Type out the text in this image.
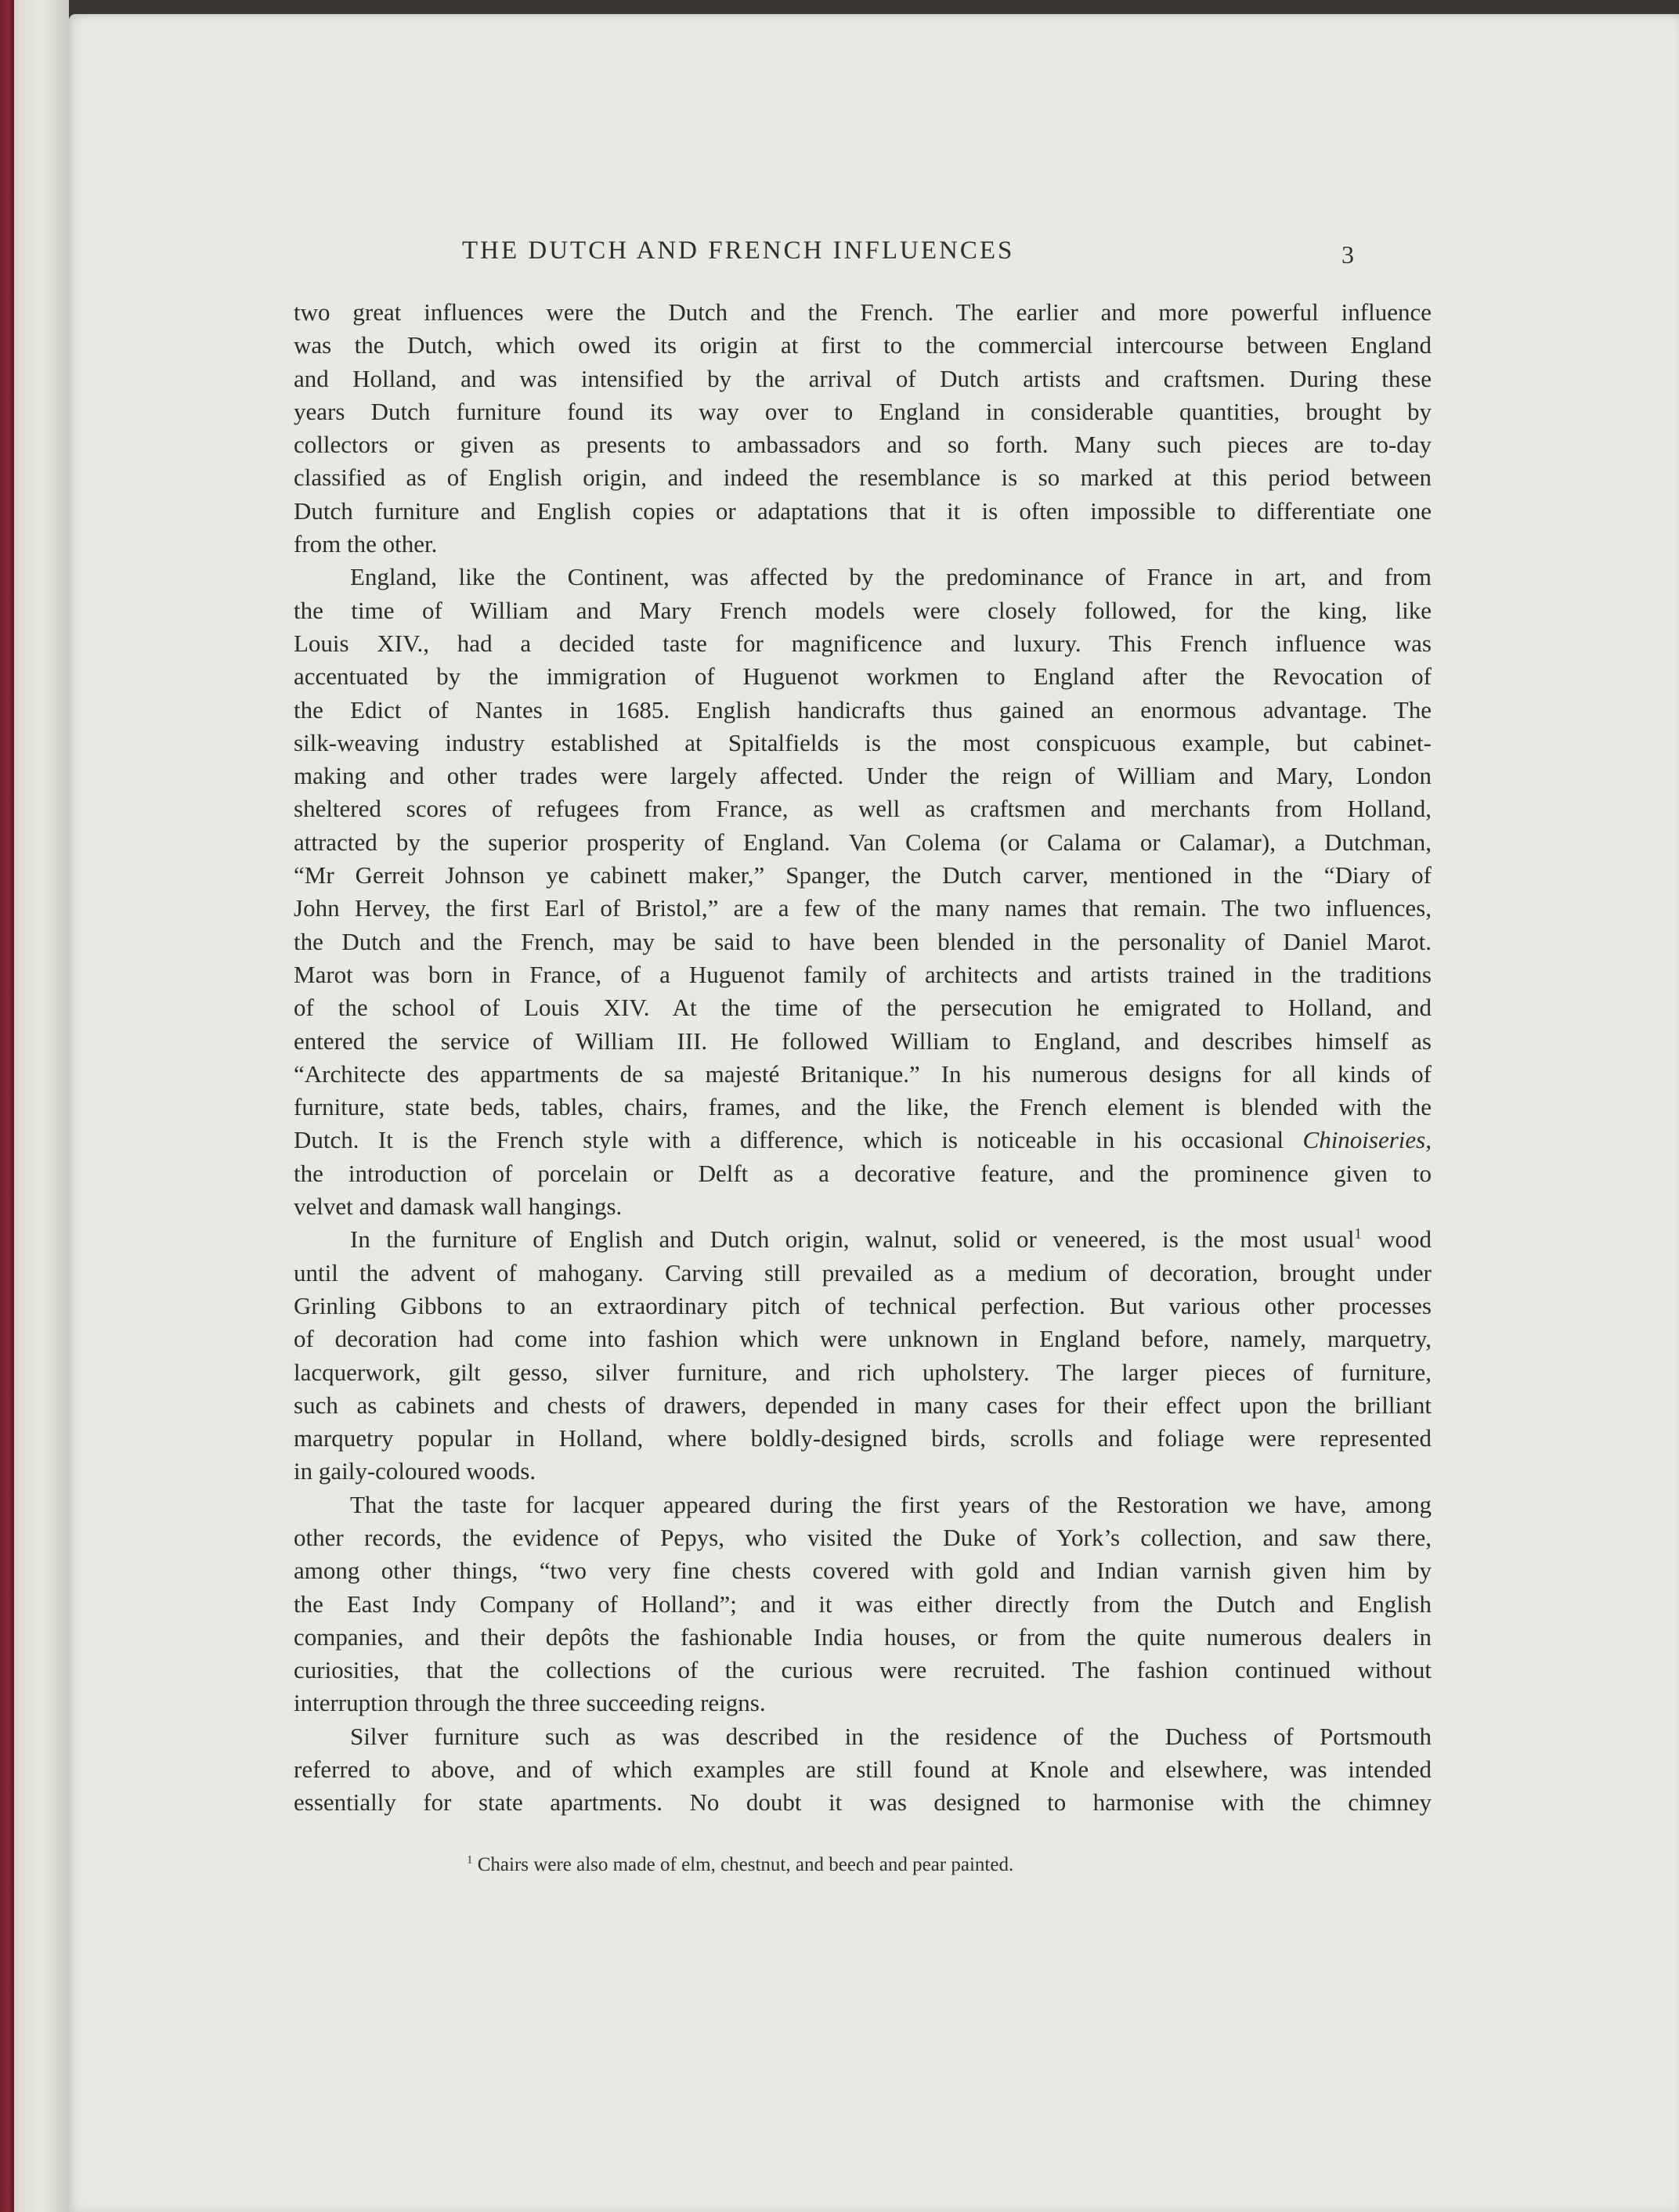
THE DUTCH AND FRENCH INFLUENCES	3

two great influences were the Dutch and the French. The earlier and more powerful influence
was the Dutch, which owed its origin at first to the commercial intercourse between England
and Holland, and was intensified by the arrival of Dutch artists and craftsmen. During these
years Dutch furniture found its way over to England in considerable quantities, brought by
collectors or given as presents to ambassadors and so forth. Many such pieces are to-day
classified as of English origin, and indeed the resemblance is so marked at this period between
Dutch furniture and English copies or adaptations that it is often impossible to differentiate one
from the other.

England, like the Continent, was affected by the predominance of France in art, and from
the time of William and Mary French models were closely followed, for the king, like
Louis XIV., had a decided taste for magnificence and luxury. This French influence was
accentuated by the immigration of Huguenot workmen to England after the Revocation of
the Edict of Nantes in 1685. English handicrafts thus gained an enormous advantage. The
silk-weaving industry established at Spitalfields is the most conspicuous example, but cabinet-
making and other trades were largely affected. Under the reign of William and Mary, London
sheltered scores of refugees from France, as well as craftsmen and merchants from Holland,
attracted by the superior prosperity of England. Van Colema (or Calama or Calamar), a Dutchman,
“Mr Gerreit Johnson ye cabinett maker,” Spanger, the Dutch carver, mentioned in the “Diary of
John Hervey, the first Earl of Bristol,” are a few of the many names that remain. The two influences,
the Dutch and the French, may be said to have been blended in the personality of Daniel Marot.
Marot was born in France, of a Huguenot family of architects and artists trained in the traditions
of the school of Louis XIV. At the time of the persecution he emigrated to Holland, and
entered the service of William III. He followed William to England, and describes himself as
“Architecte des appartments de sa majesté Britanique.” In his numerous designs for all kinds of
furniture, state beds, tables, chairs, frames, and the like, the French element is blended with the
Dutch. It is the French style with a difference, which is noticeable in his occasional Chinoiseries,
the introduction of porcelain or Delft as a decorative feature, and the prominence given to
velvet and damask wall hangings.

In the furniture of English and Dutch origin, walnut, solid or veneered, is the most usual$^1$ wood
until the advent of mahogany. Carving still prevailed as a medium of decoration, brought under
Grinling Gibbons to an extraordinary pitch of technical perfection. But various other processes
of decoration had come into fashion which were unknown in England before, namely, marquetry,
lacquerwork, gilt gesso, silver furniture, and rich upholstery. The larger pieces of furniture,
such as cabinets and chests of drawers, depended in many cases for their effect upon the brilliant
marquetry popular in Holland, where boldly-designed birds, scrolls and foliage were represented
in gaily-coloured woods.

That the taste for lacquer appeared during the first years of the Restoration we have, among
other records, the evidence of Pepys, who visited the Duke of York’s collection, and saw there,
among other things, “two very fine chests covered with gold and Indian varnish given him by
the East Indy Company of Holland”; and it was either directly from the Dutch and English
companies, and their depôts the fashionable India houses, or from the quite numerous dealers in
curiosities, that the collections of the curious were recruited. The fashion continued without
interruption through the three succeeding reigns.

Silver furniture such as was described in the residence of the Duchess of Portsmouth
referred to above, and of which examples are still found at Knole and elsewhere, was intended
essentially for state apartments. No doubt it was designed to harmonise with the chimney

$^1$ Chairs were also made of elm, chestnut, and beech and pear painted.
